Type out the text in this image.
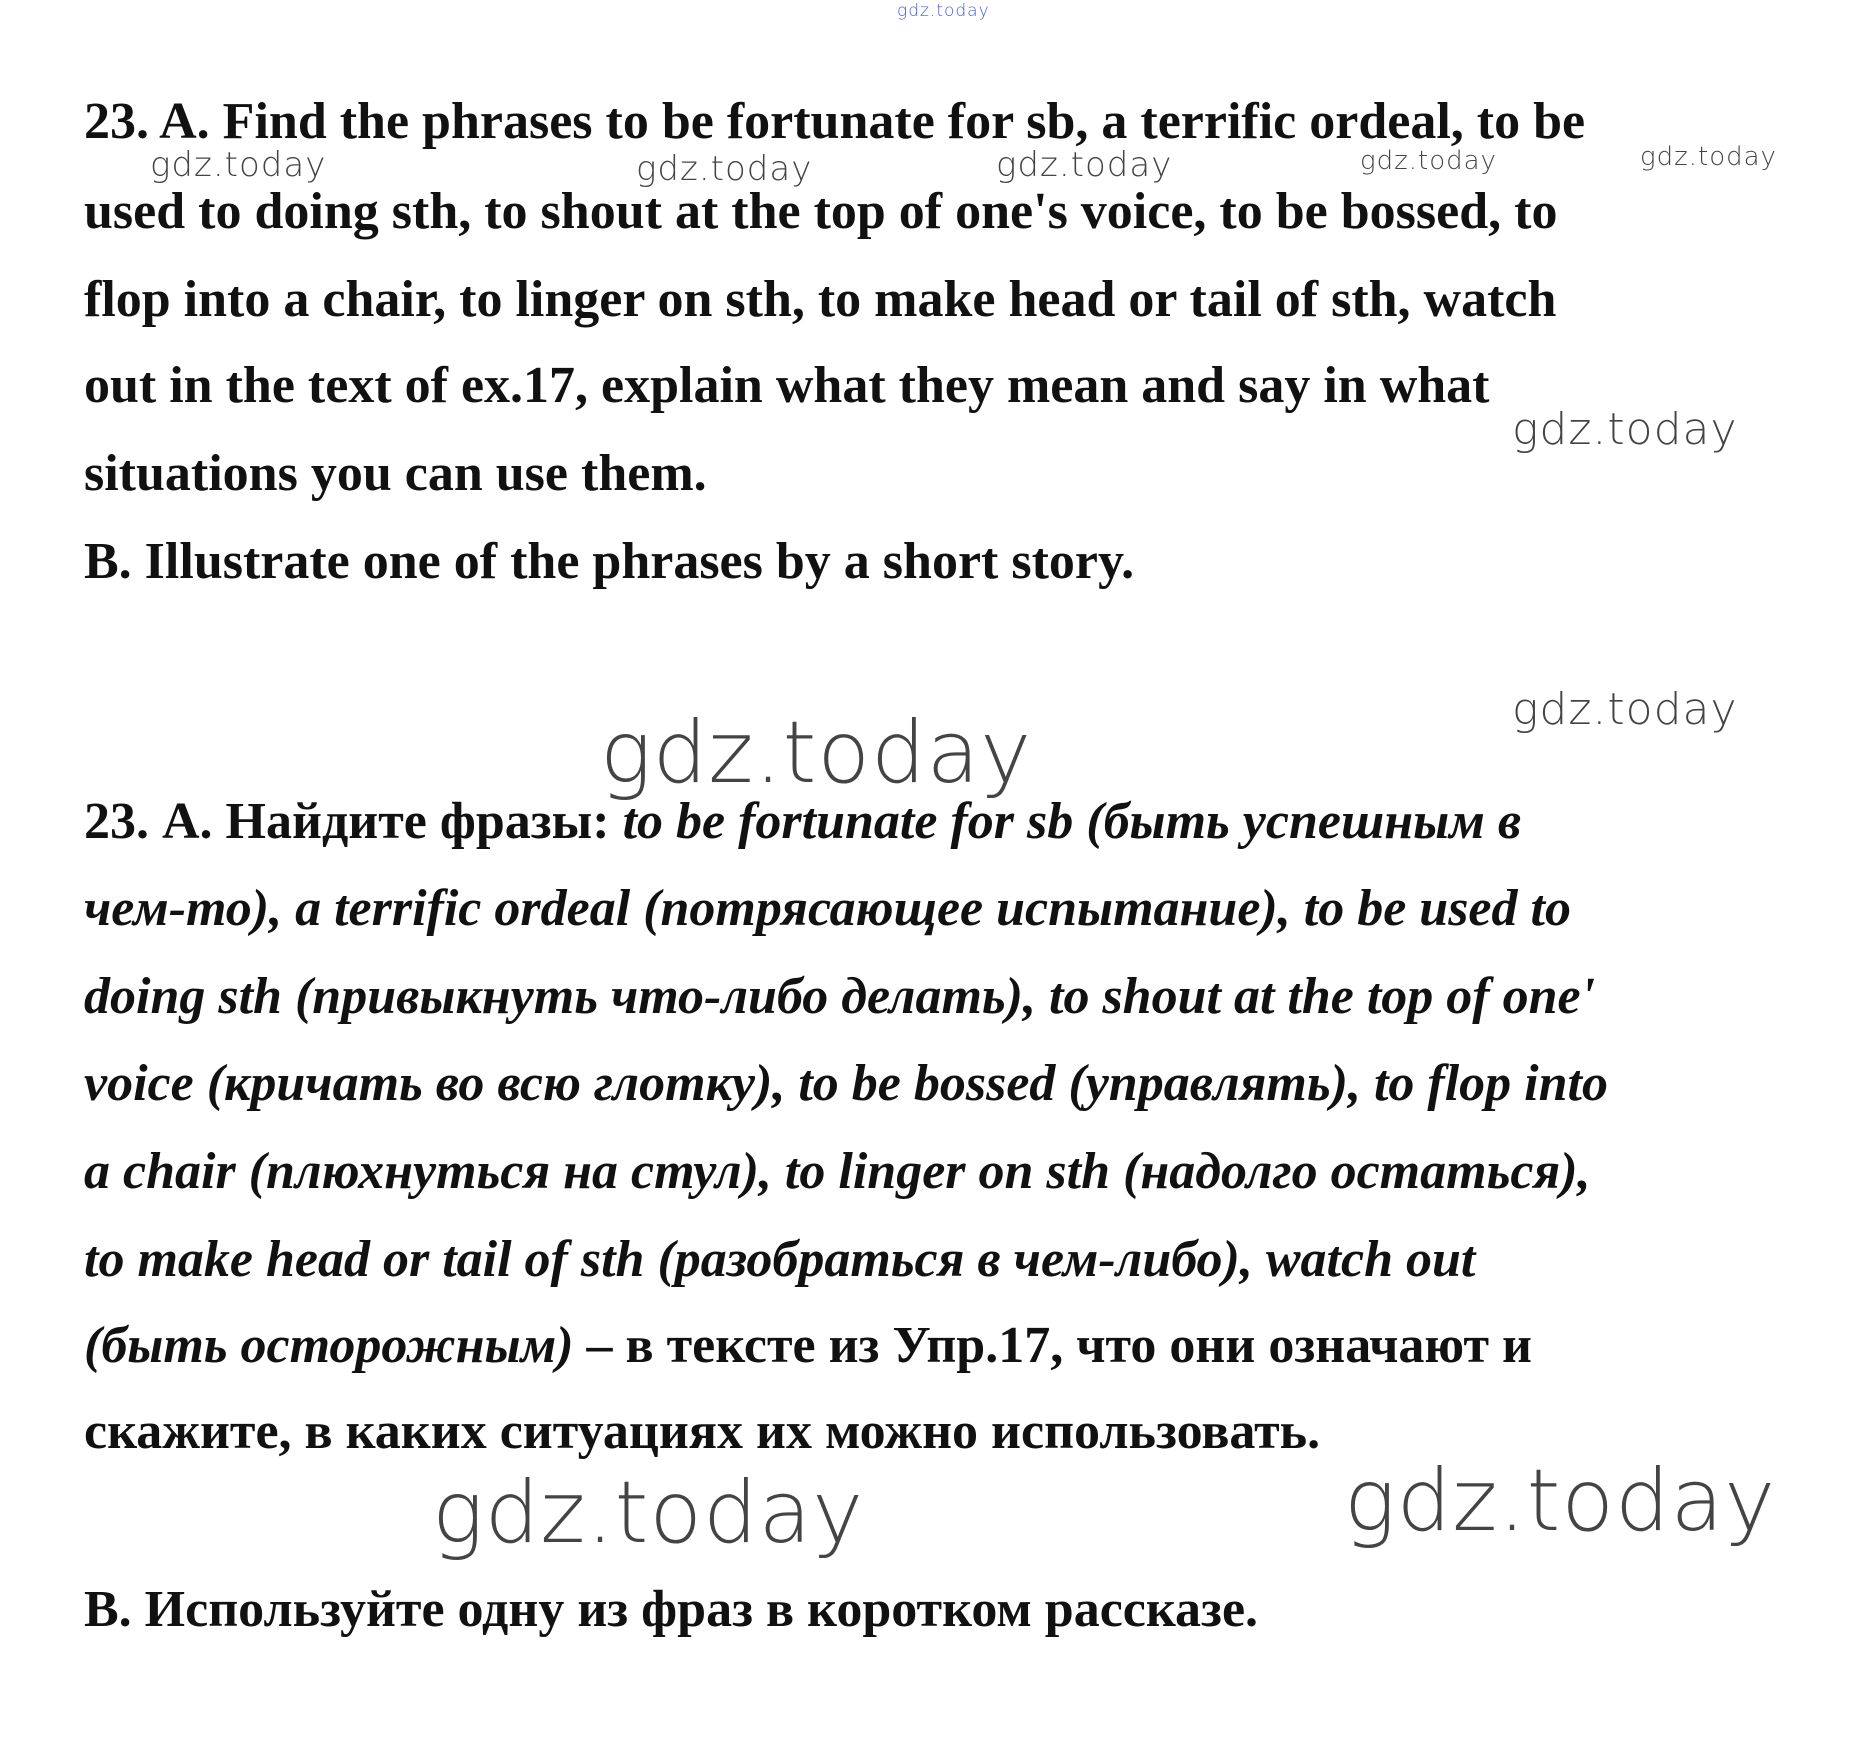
gdz.today
gdz.today	gdz.today	gdz.today	gdz.today	gdz.today
gdz.today
gdz.today
gdz.today
gdz.today	gdz.today
23. A. Find the phrases to be fortunate for sb, a terrific ordeal, to be
used to doing sth, to shout at the top of one's voice, to be bossed, to
flop into a chair, to linger on sth, to make head or tail of sth, watch
out in the text of ex.17, explain what they mean and say in what
situations you can use them.
B. Illustrate one of the phrases by a short story.
23. А. Найдите фразы: to be fortunate for sb (быть успешным в
чем-то), a terrific ordeal (потрясающее испытание), to be used to
doing sth (привыкнуть что-либо делать), to shout at the top of one'
voice (кричать во всю глотку), to be bossed (управлять), to flop into
a chair (плюхнуться на стул), to linger on sth (надолго остаться),
to make head or tail of sth (разобраться в чем-либо), watch out
(быть осторожным) – в тексте из Упр.17, что они означают и
скажите, в каких ситуациях их можно использовать.
В. Используйте одну из фраз в коротком рассказе.
